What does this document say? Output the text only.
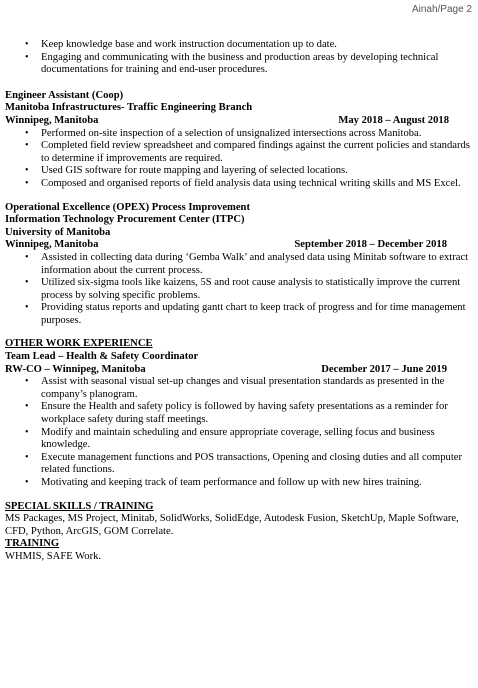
Ainah/Page 2
• Keep knowledge base and work instruction documentation up to date.
• Engaging and communicating with the business and production areas by developing technical documentations for training and end-user procedures.
Engineer Assistant (Coop)
Manitoba Infrastructures- Traffic Engineering Branch
Winnipeg, Manitoba	May 2018 – August 2018
• Performed on-site inspection of a selection of unsignalized intersections across Manitoba.
• Completed field review spreadsheet and compared findings against the current policies and standards to determine if improvements are required.
• Used GIS software for route mapping and layering of selected locations.
• Composed and organised reports of field analysis data using technical writing skills and MS Excel.
Operational Excellence (OPEX) Process Improvement
Information Technology Procurement Center (ITPC)
University of Manitoba
Winnipeg, Manitoba	September 2018 – December 2018
• Assisted in collecting data during ‘Gemba Walk’ and analysed data using Minitab software to extract information about the current process.
• Utilized six-sigma tools like kaizens, 5S and root cause analysis to statistically improve the current process by solving specific problems.
• Providing status reports and updating gantt chart to keep track of progress and for time management purposes.
OTHER WORK EXPERIENCE
Team Lead – Health & Safety Coordinator
RW-CO – Winnipeg, Manitoba	December 2017 – June 2019
• Assist with seasonal visual set-up changes and visual presentation standards as presented in the company’s planogram.
• Ensure the Health and safety policy is followed by having safety presentations as a reminder for workplace safety during staff meetings.
• Modify and maintain scheduling and ensure appropriate coverage, selling focus and business knowledge.
• Execute management functions and POS transactions, Opening and closing duties and all computer related functions.
• Motivating and keeping track of team performance and follow up with new hires training.
SPECIAL SKILLS / TRAINING
MS Packages, MS Project, Minitab, SolidWorks, SolidEdge, Autodesk Fusion, SketchUp, Maple Software, CFD, Python, ArcGIS, GOM Correlate.
TRAINING
WHMIS, SAFE Work.
